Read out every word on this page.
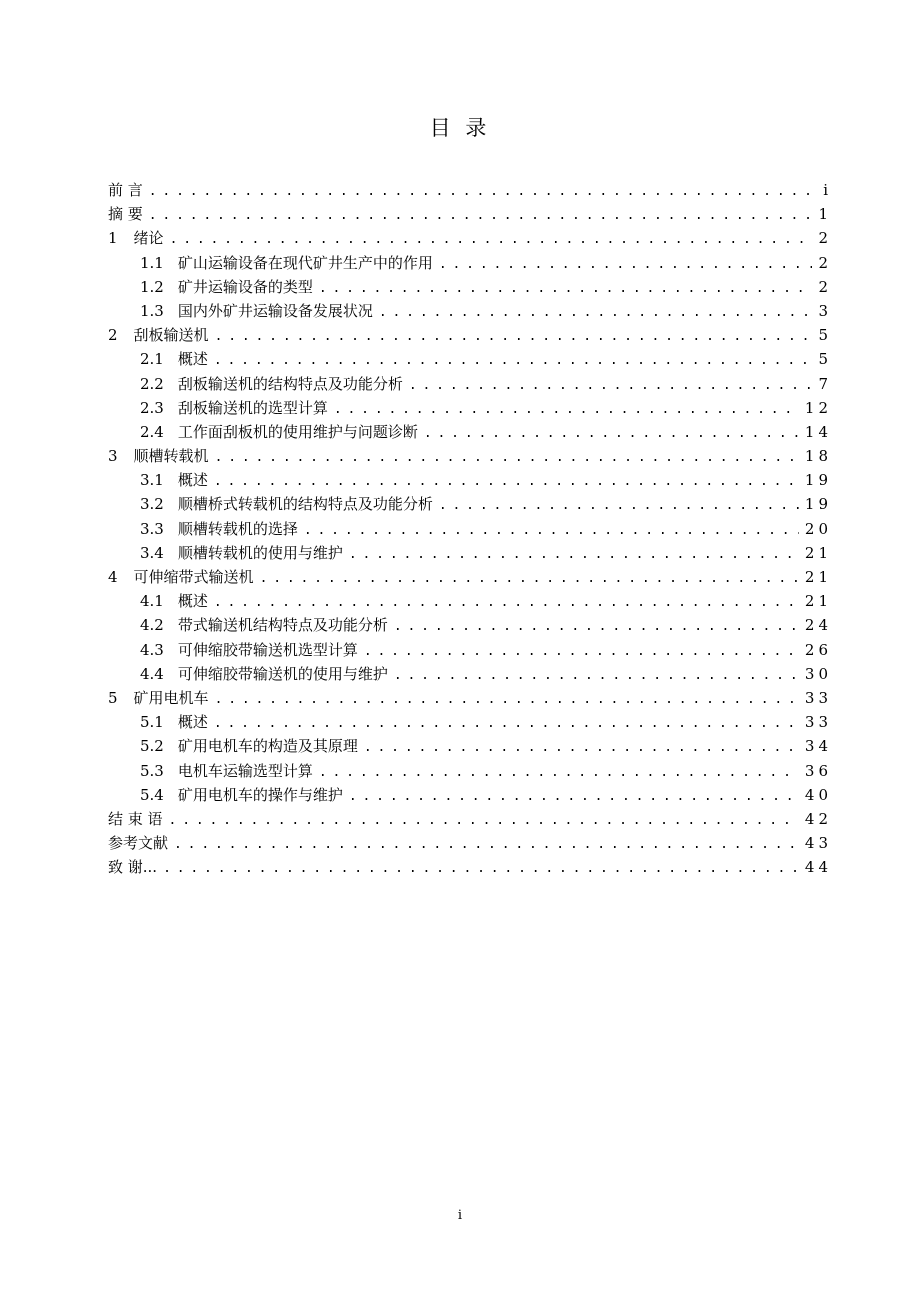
目 录
前 言 . . .	i
摘 要 . . .	1
1 绪论 . . .	2
1.1 矿山运输设备在现代矿井生产中的作用 . . .	2
1.2 矿井运输设备的类型 . . .	2
1.3 国内外矿井运输设备发展状况 . . .	3
2 刮板输送机 . . .	5
2.1 概述 . . .	5
2.2 刮板输送机的结构特点及功能分析 . . .	7
2.3 刮板输送机的选型计算 . . .	12
2.4 工作面刮板机的使用维护与问题诊断 . . .	14
3 顺槽转载机 . . .	18
3.1 概述 . . .	19
3.2 顺槽桥式转载机的结构特点及功能分析 . . .	19
3.3 顺槽转载机的选择 . . .	20
3.4 顺槽转载机的使用与维护 . . .	21
4 可伸缩带式输送机 . . .	21
4.1 概述 . . .	21
4.2 带式输送机结构特点及功能分析 . . .	24
4.3 可伸缩胶带输送机选型计算 . . .	26
4.4 可伸缩胶带输送机的使用与维护 . . .	30
5 矿用电机车 . . .	33
5.1 概述 . . .	33
5.2 矿用电机车的构造及其原理 . . .	34
5.3 电机车运输选型计算 . . .	36
5.4 矿用电机车的操作与维护 . . .	40
结 束 语 . . .	42
参考文献 . . .	43
致 谢... . . .	44
i
